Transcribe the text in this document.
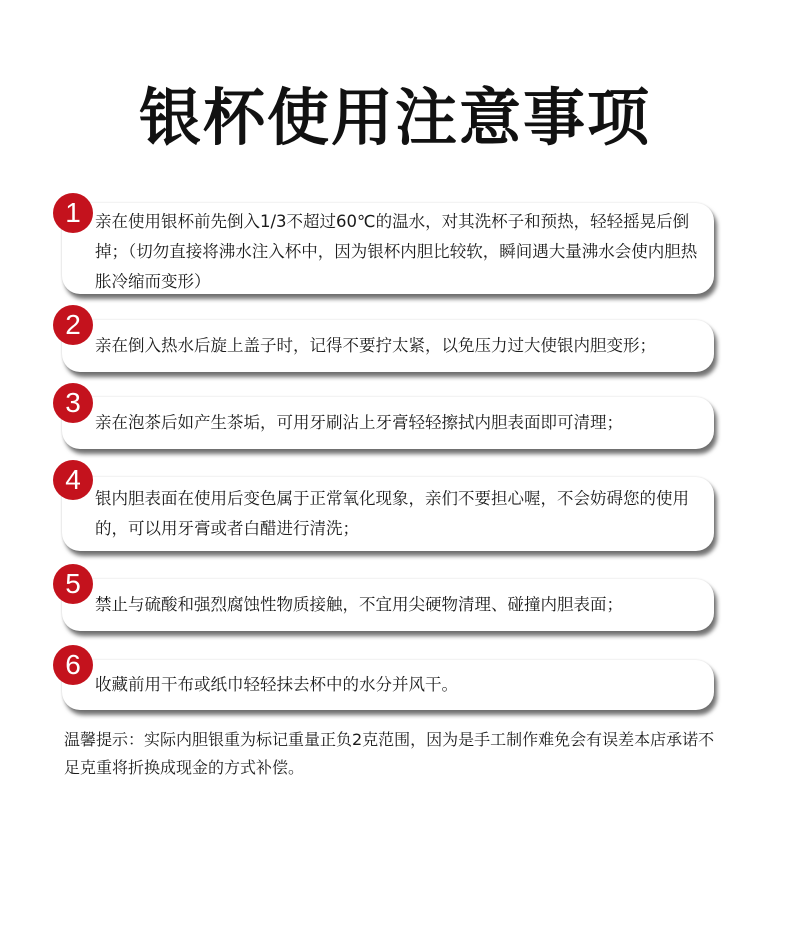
银杯使用注意事项
亲在使用银杯前先倒入1/3不超过60℃的温水，对其洗杯子和预热，轻轻摇晃后倒掉；（切勿直接将沸水注入杯中，因为银杯内胆比较软，瞬间遇大量沸水会使内胆热胀冷缩而变形）
1
亲在倒入热水后旋上盖子时，记得不要拧太紧，以免压力过大使银内胆变形；
2
亲在泡茶后如产生茶垢，可用牙刷沾上牙膏轻轻擦拭内胆表面即可清理；
3
银内胆表面在使用后变色属于正常氧化现象，亲们不要担心喔，不会妨碍您的使用的，可以用牙膏或者白醋进行清洗；
4
禁止与硫酸和强烈腐蚀性物质接触，不宜用尖硬物清理、碰撞内胆表面；
5
收藏前用干布或纸巾轻轻抹去杯中的水分并风干。
6
温馨提示：实际内胆银重为标记重量正负2克范围，因为是手工制作难免会有误差本店承诺不足克重将折换成现金的方式补偿。
